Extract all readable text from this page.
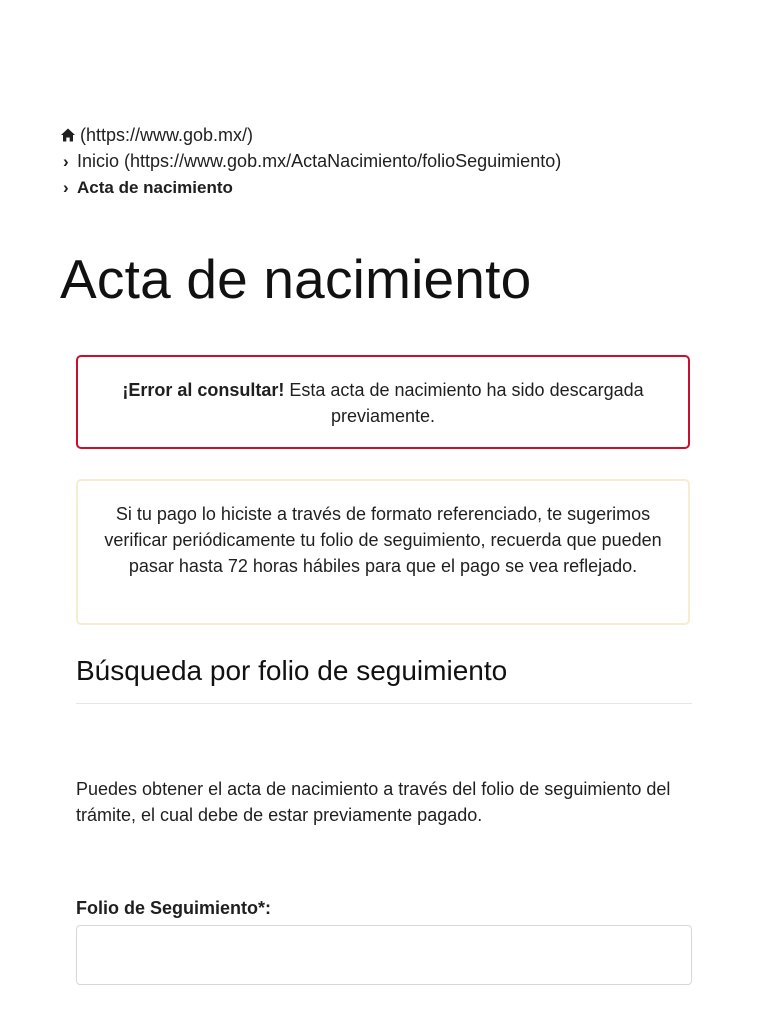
(https://www.gob.mx/)
› Inicio (https://www.gob.mx/ActaNacimiento/folioSeguimiento)
› Acta de nacimiento
Acta de nacimiento
¡Error al consultar! Esta acta de nacimiento ha sido descargada previamente.
Si tu pago lo hiciste a través de formato referenciado, te sugerimos verificar periódicamente tu folio de seguimiento, recuerda que pueden pasar hasta 72 horas hábiles para que el pago se vea reflejado.
Búsqueda por folio de seguimiento

Puedes obtener el acta de nacimiento a través del folio de seguimiento del trámite, el cual debe de estar previamente pagado.

Folio de Seguimiento*:
